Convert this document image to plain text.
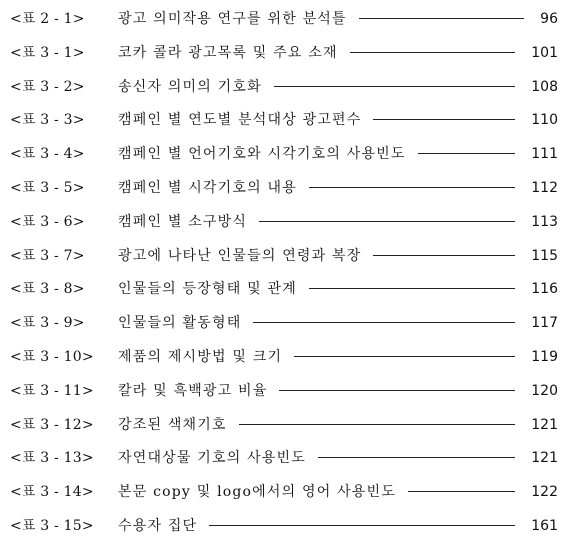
<표 2 - 1>	광고 의미작용 연구를 위한 분석틀	96
<표 3 - 1>	코카 콜라 광고목록 및 주요 소재	101
<표 3 - 2>	송신자 의미의 기호화	108
<표 3 - 3>	캠페인 별 연도별 분석대상 광고편수	110
<표 3 - 4>	캠페인 별 언어기호와 시각기호의 사용빈도	111
<표 3 - 5>	캠페인 별 시각기호의 내용	112
<표 3 - 6>	캠페인 별 소구방식	113
<표 3 - 7>	광고에 나타난 인물들의 연령과 복장	115
<표 3 - 8>	인물들의 등장형태 및 관계	116
<표 3 - 9>	인물들의 활동형태	117
<표 3 - 10>	제품의 제시방법 및 크기	119
<표 3 - 11>	칼라 및 흑백광고 비율	120
<표 3 - 12>	강조된 색채기호	121
<표 3 - 13>	자연대상물 기호의 사용빈도	121
<표 3 - 14>	본문 copy 및 logo에서의 영어 사용빈도	122
<표 3 - 15>	수용자 집단	161
